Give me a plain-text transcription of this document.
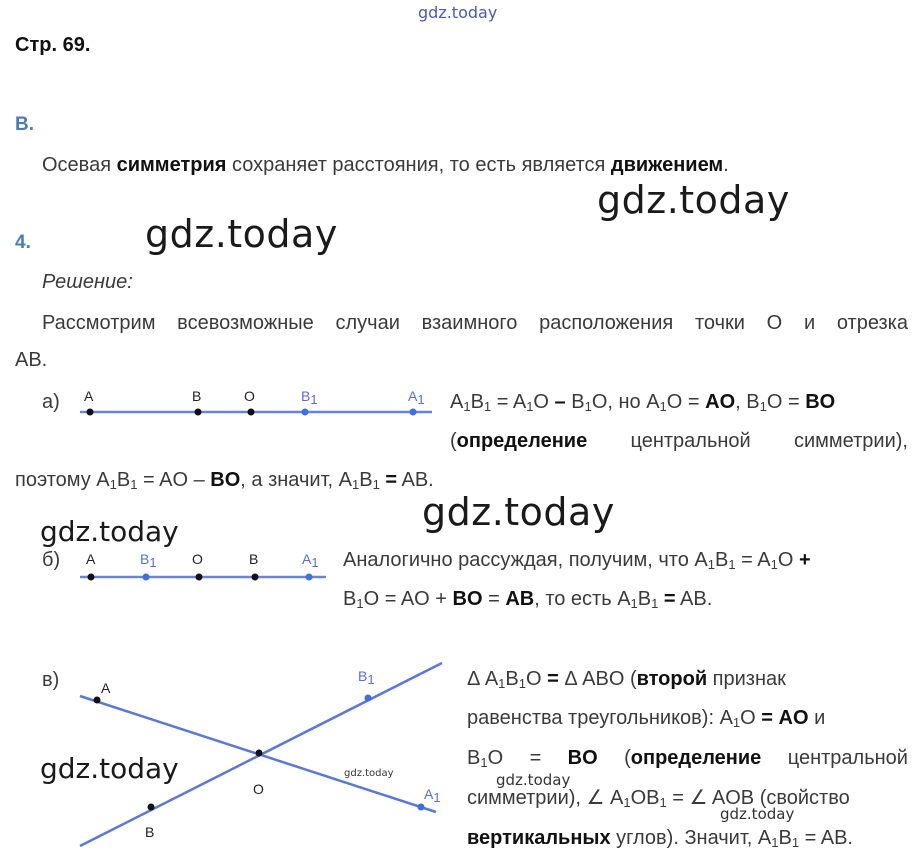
gdz.today
gdz.today
gdz.today
gdz.today
gdz.today
gdz.today	gdz.today	gdz.today
gdz.today
Стр. 69.
В.
Осевая симметрия сохраняет расстояния, то есть является движением.
4.
Решение:
Рассмотрим всевозможные случаи взаимного расположения точки О и отрезка
АВ.
а) A	B	O	$B_1$	$A_1$ $A_1B_1 = A_1O - B_1O$, но $A_1O$ = AO, $B_1O$ = BO
(определение центральной симметрии),
поэтому $A_1B_1$ = AO – BO, а значит, $A_1B_1$ = AB.
б) A	$B_1$	O	B	$A_1$ Аналогично рассуждая, получим, что $A_1B_1 = A_1O$ +
$B_1O$ = AO + BO = AB, то есть $A_1B_1$ = AB.
в)	A
B
O
$B_1$
$A_1$
Δ $A_1B_1O = \Delta$ ABO (второй признак
равенства треугольников): $A_1O$ = AO и
$B_1O$ = BO (определение центральной
симметрии), ∠ $A_1OB_1$ = ∠ AOB (свойство
вертикальных углов). Значит, $A_1B_1$ = AB.
